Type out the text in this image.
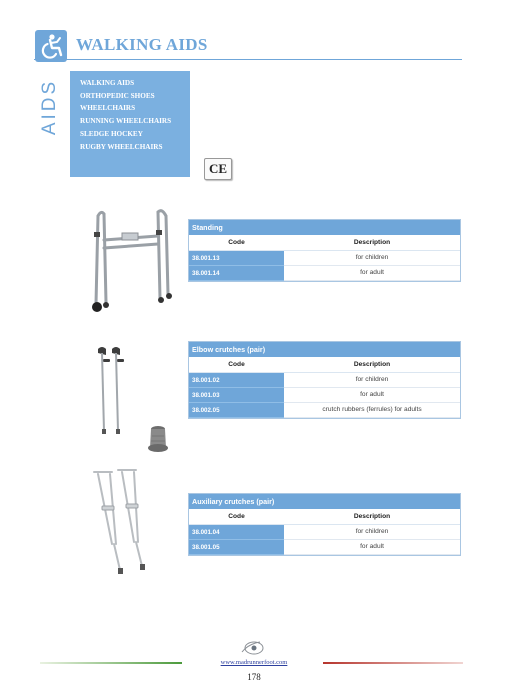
WALKING AIDS
AIDS	WALKING AIDS
ORTHOPEDIC SHOES
WHEELCHAIRS
RUNNING WHEELCHAIRS
SLEDGE HOCKEY
RUGBY WHEELCHAIRS
CE
Standing
Code	Description
38.001.13	for children
38.001.14	for adult
Elbow crutches (pair)
Code	Description
38.001.02	for children
38.001.03	for adult
38.002.05	crutch rubbers (ferrules) for adults
Auxiliary crutches (pair)
Code	Description
38.001.04	for children
38.001.05	for adult
www.madrunnerfoot.com
178
